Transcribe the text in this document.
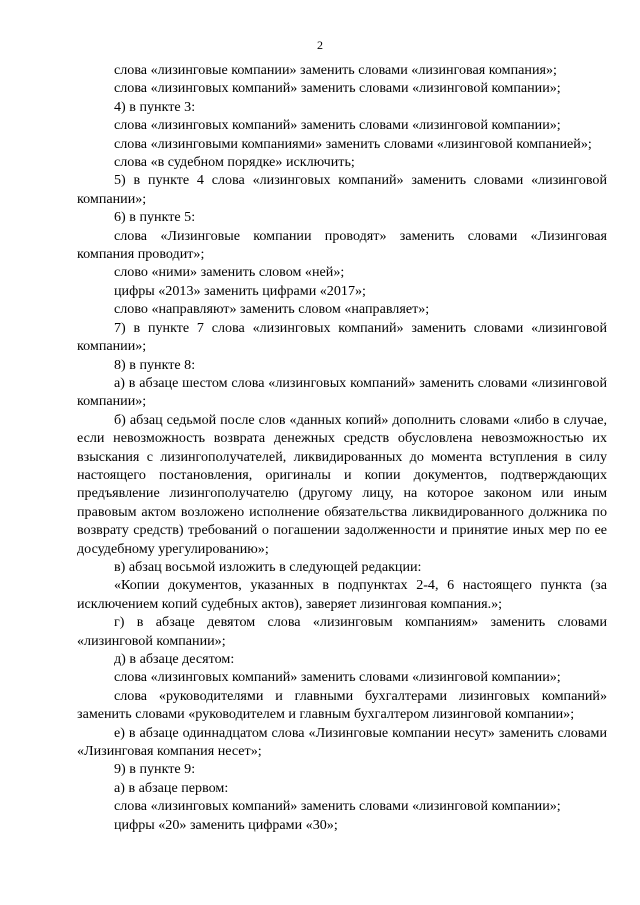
2

слова «лизинговые компании» заменить словами «лизинговая компания»;

слова «лизинговых компаний» заменить словами «лизинговой компании»;

4) в пункте 3:

слова «лизинговых компаний» заменить словами «лизинговой компании»;

слова «лизинговыми компаниями» заменить словами «лизинговой компанией»;

слова «в судебном порядке» исключить;

5) в пункте 4 слова «лизинговых компаний» заменить словами «лизинговой компании»;

6) в пункте 5:

слова «Лизинговые компании проводят» заменить словами «Лизинговая компания проводит»;

слово «ними» заменить словом «ней»;

цифры «2013» заменить цифрами «2017»;

слово «направляют» заменить словом «направляет»;

7) в пункте 7 слова «лизинговых компаний» заменить словами «лизинговой компании»;

8) в пункте 8:

а) в абзаце шестом слова «лизинговых компаний» заменить словами «лизинговой компании»;

б) абзац седьмой после слов «данных копий» дополнить словами «либо в случае, если невозможность возврата денежных средств обусловлена невозможностью их взыскания с лизингополучателей, ликвидированных до момента вступления в силу настоящего постановления, оригиналы и копии документов, подтверждающих предъявление лизингополучателю (другому лицу, на которое законом или иным правовым актом возложено исполнение обязательства ликвидированного должника по возврату средств) требований о погашении задолженности и принятие иных мер по ее досудебному урегулированию»;

в) абзац восьмой изложить в следующей редакции:

«Копии документов, указанных в подпунктах 2-4, 6 настоящего пункта (за исключением копий судебных актов), заверяет лизинговая компания.»;

г) в абзаце девятом слова «лизинговым компаниям» заменить словами «лизинговой компании»;

д) в абзаце десятом:

слова «лизинговых компаний» заменить словами «лизинговой компании»;

слова «руководителями и главными бухгалтерами лизинговых компаний» заменить словами «руководителем и главным бухгалтером лизинговой компании»;

е) в абзаце одиннадцатом слова «Лизинговые компании несут» заменить словами «Лизинговая компания несет»;

9) в пункте 9:

а) в абзаце первом:

слова «лизинговых компаний» заменить словами «лизинговой компании»;

цифры «20» заменить цифрами «30»;
